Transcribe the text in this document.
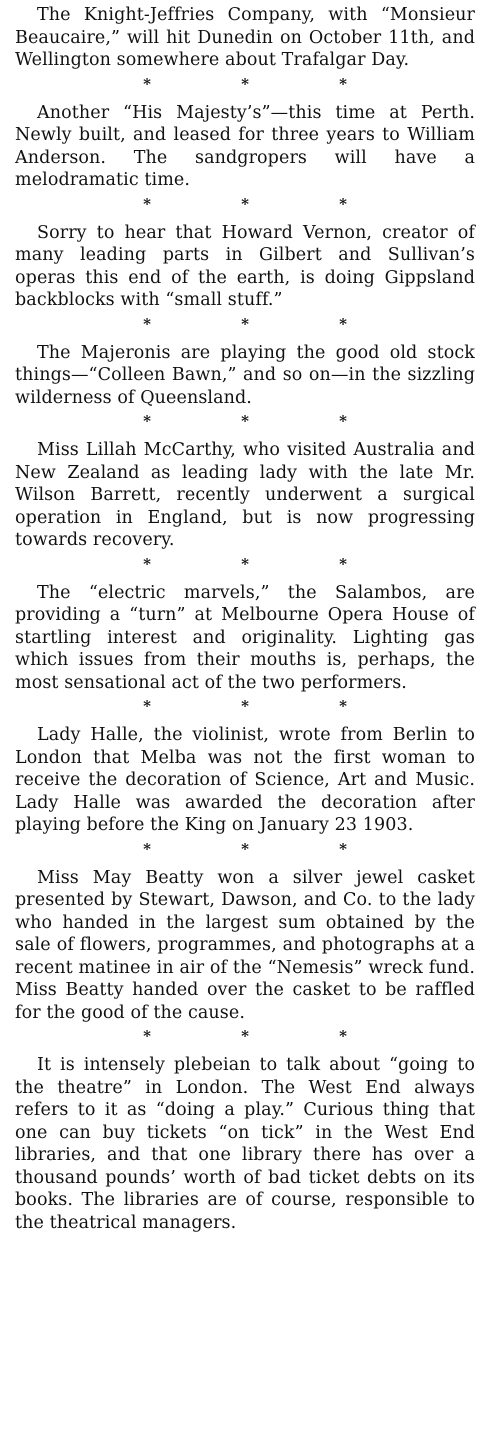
The Knight-Jeffries Company, with “Monsieur Beaucaire,” will hit Dunedin on October 11th, and Wellington somewhere about Trafalgar Day.

*	*	*

Another “His Majesty’s”—this time at Perth. Newly built, and leased for three years to William Anderson. The sandgropers will have a melodramatic time.

*	*	*

Sorry to hear that Howard Vernon, creator of many leading parts in Gilbert and Sullivan’s operas this end of the earth, is doing Gippsland backblocks with “small stuff.”

*	*	*

The Majeronis are playing the good old stock things—“Colleen Bawn,” and so on—in the sizzling wilderness of Queensland.

*	*	*

Miss Lillah McCarthy, who visited Australia and New Zealand as leading lady with the late Mr. Wilson Barrett, recently underwent a surgical operation in England, but is now progressing towards recovery.

*	*	*

The “electric marvels,” the Salambos, are providing a “turn” at Melbourne Opera House of startling interest and originality. Lighting gas which issues from their mouths is, perhaps, the most sensational act of the two performers.

*	*	*

Lady Halle, the violinist, wrote from Berlin to London that Melba was not the first woman to receive the decoration of Science, Art and Music. Lady Halle was awarded the decoration after playing before the King on January 23 1903.

*	*	*

Miss May Beatty won a silver jewel casket presented by Stewart, Dawson, and Co. to the lady who handed in the largest sum obtained by the sale of flowers, programmes, and photographs at a recent matinee in air of the “Nemesis” wreck fund. Miss Beatty handed over the casket to be raffled for the good of the cause.

*	*	*

It is intensely plebeian to talk about “going to the theatre” in London. The West End always refers to it as “doing a play.” Curious thing that one can buy tickets “on tick” in the West End libraries, and that one library there has over a thousand pounds’ worth of bad ticket debts on its books. The libraries are of course, responsible to the theatrical managers.
